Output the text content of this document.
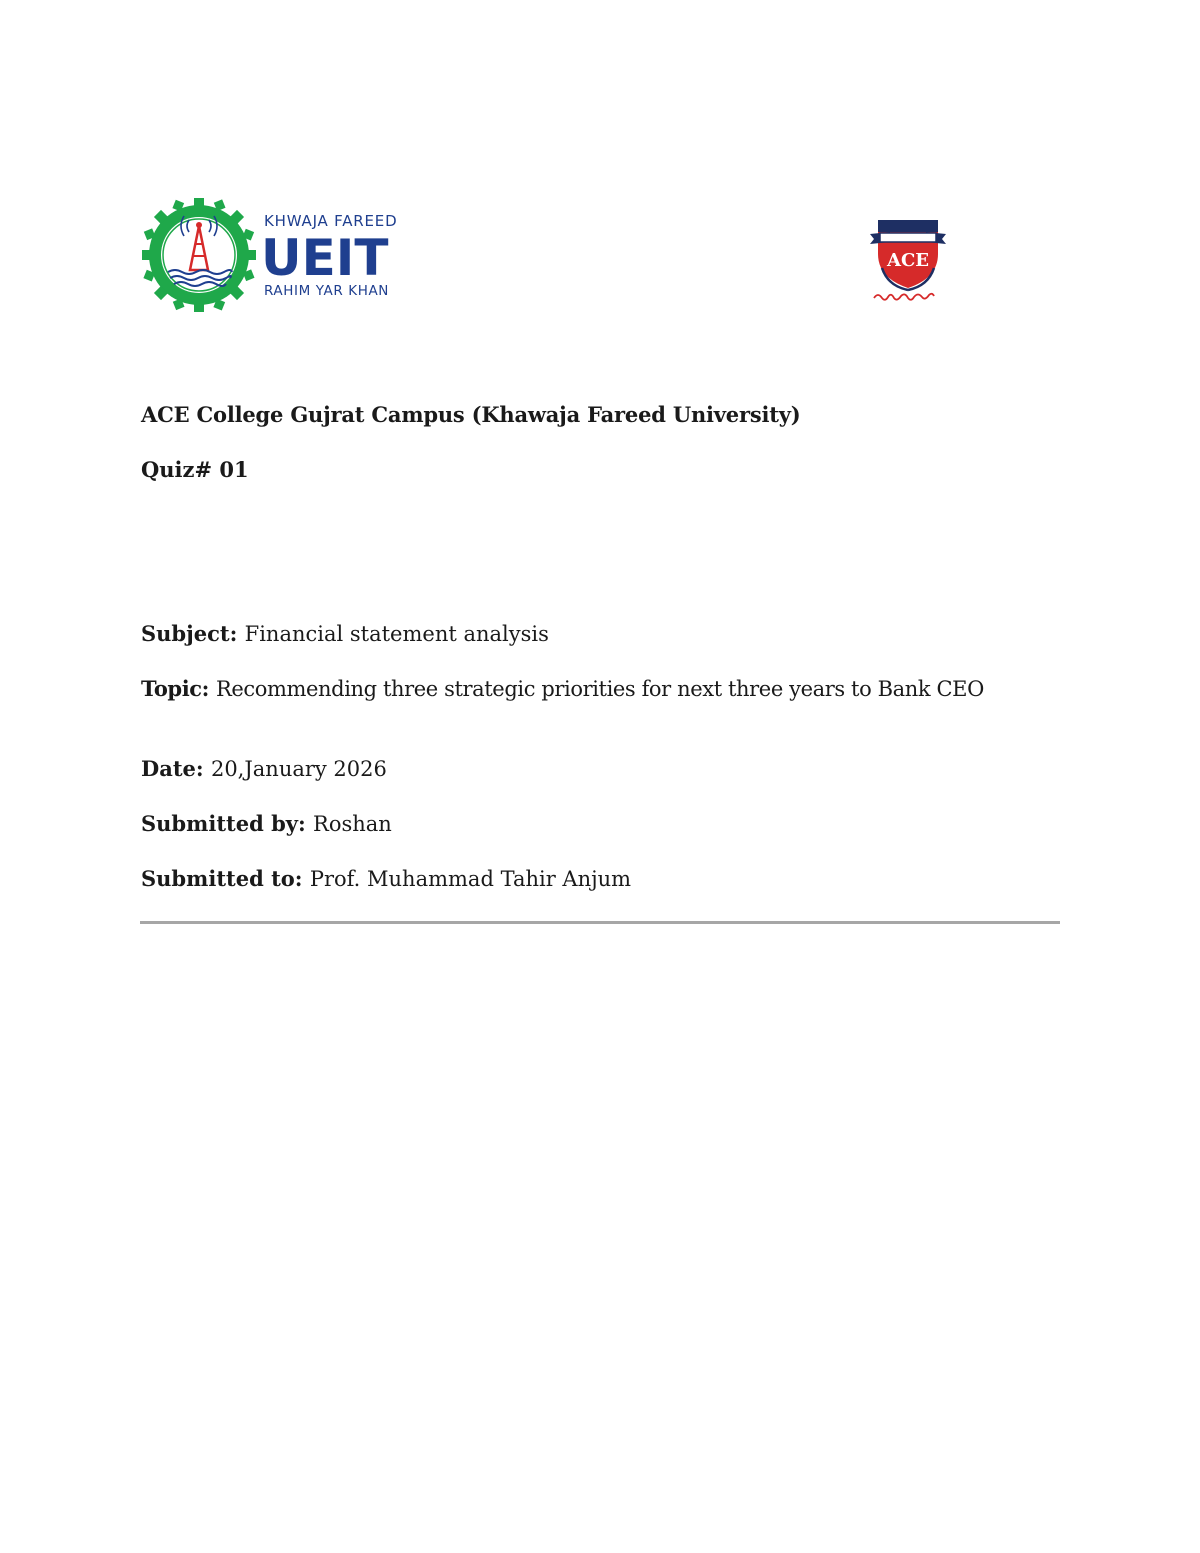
KHWAJA FAREED
UEIT
RAHIM YAR KHAN
ACE
ACE College Gujrat Campus (Khawaja Fareed University)
Quiz# 01
Subject: Financial statement analysis
Topic: Recommending three strategic priorities for next three years to Bank CEO
Date: 20,January 2026
Submitted by: Roshan
Submitted to: Prof. Muhammad Tahir Anjum
